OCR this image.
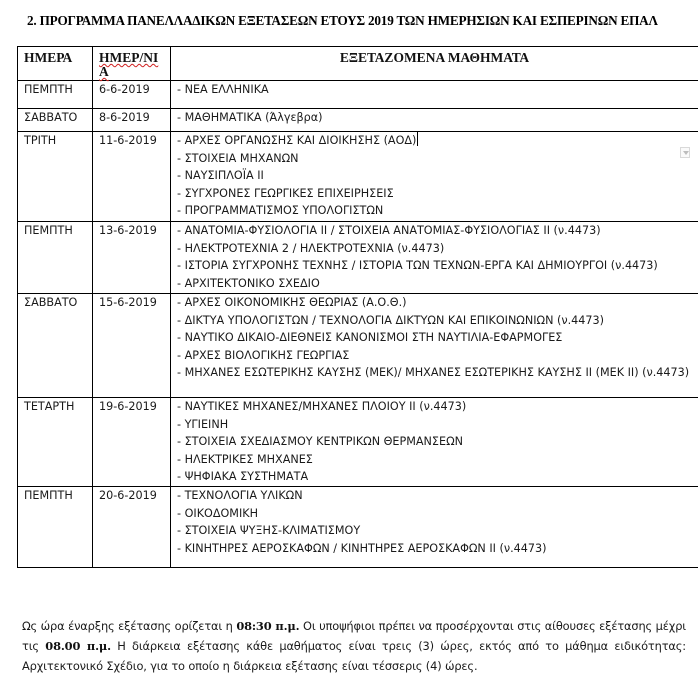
2. ΠΡΟΓΡΑΜΜΑ ΠΑΝΕΛΛΑΔΙΚΩΝ ΕΞΕΤΑΣΕΩΝ ΕΤΟΥΣ 2019 ΤΩΝ ΗΜΕΡΗΣΙΩΝ ΚΑΙ ΕΣΠΕΡΙΝΩΝ ΕΠΑΛ
ΗΜΕΡΑ	ΗΜΕΡ/ΝΙΑ	ΕΞΕΤΑΖΟΜΕΝΑ ΜΑΘΗΜΑΤΑ
ΠΕΜΠΤΗ	6-6-2019	- ΝΕΑ ΕΛΛΗΝΙΚΑ

ΣΑΒΒΑΤΟ	8-6-2019	- ΜΑΘΗΜΑΤΙΚΑ (Άλγεβρα)

ΤΡΙΤΗ	11-6-2019	- ΑΡΧΕΣ ΟΡΓΑΝΩΣΗΣ ΚΑΙ ΔΙΟΙΚΗΣΗΣ (ΑΟΔ)
- ΣΤΟΙΧΕΙΑ ΜΗΧΑΝΩΝ
- ΝΑΥΣΙΠΛΟΪΑ ΙΙ
- ΣΥΓΧΡΟΝΕΣ ΓΕΩΡΓΙΚΕΣ ΕΠΙΧΕΙΡΗΣΕΙΣ
- ΠΡΟΓΡΑΜΜΑΤΙΣΜΟΣ ΥΠΟΛΟΓΙΣΤΩΝ

ΠΕΜΠΤΗ	13-6-2019	- ΑΝΑΤΟΜΙΑ-ΦΥΣΙΟΛΟΓΙΑ ΙΙ / ΣΤΟΙΧΕΙΑ ΑΝΑΤΟΜΙΑΣ-ΦΥΣΙΟΛΟΓΙΑΣ ΙΙ (ν.4473)
- ΗΛΕΚΤΡΟΤΕΧΝΙΑ 2 / ΗΛΕΚΤΡΟΤΕΧΝΙΑ (ν.4473)
- ΙΣΤΟΡΙΑ ΣΥΓΧΡΟΝΗΣ ΤΕΧΝΗΣ / ΙΣΤΟΡΙΑ ΤΩΝ ΤΕΧΝΩΝ-ΕΡΓΑ ΚΑΙ ΔΗΜΙΟΥΡΓΟΙ (ν.4473)
- ΑΡΧΙΤΕΚΤΟΝΙΚΟ ΣΧΕΔΙΟ

ΣΑΒΒΑΤΟ	15-6-2019	- ΑΡΧΕΣ ΟΙΚΟΝΟΜΙΚΗΣ ΘΕΩΡΙΑΣ (Α.Ο.Θ.)
- ΔΙΚΤΥΑ ΥΠΟΛΟΓΙΣΤΩΝ / ΤΕΧΝΟΛΟΓΙΑ ΔΙΚΤΥΩΝ ΚΑΙ ΕΠΙΚΟΙΝΩΝΙΩΝ (ν.4473)
- ΝΑΥΤΙΚΟ ΔΙΚΑΙΟ-ΔΙΕΘΝΕΙΣ ΚΑΝΟΝΙΣΜΟΙ ΣΤΗ ΝΑΥΤΙΛΙΑ-ΕΦΑΡΜΟΓΕΣ
- ΑΡΧΕΣ ΒΙΟΛΟΓΙΚΗΣ ΓΕΩΡΓΙΑΣ
- ΜΗΧΑΝΕΣ ΕΣΩΤΕΡΙΚΗΣ ΚΑΥΣΗΣ (ΜΕΚ)/ ΜΗΧΑΝΕΣ ΕΣΩΤΕΡΙΚΗΣ ΚΑΥΣΗΣ ΙΙ (ΜΕΚ ΙΙ) (ν.4473)

ΤΕΤΑΡΤΗ	19-6-2019	- ΝΑΥΤΙΚΕΣ ΜΗΧΑΝΕΣ/ΜΗΧΑΝΕΣ ΠΛΟΙΟΥ ΙΙ (ν.4473)
- ΥΓΙΕΙΝΗ
- ΣΤΟΙΧΕΙΑ ΣΧΕΔΙΑΣΜΟΥ ΚΕΝΤΡΙΚΩΝ ΘΕΡΜΑΝΣΕΩΝ
- ΗΛΕΚΤΡΙΚΕΣ ΜΗΧΑΝΕΣ
- ΨΗΦΙΑΚΑ ΣΥΣΤΗΜΑΤΑ

ΠΕΜΠΤΗ	20-6-2019	- ΤΕΧΝΟΛΟΓΙΑ ΥΛΙΚΩΝ
- ΟΙΚΟΔΟΜΙΚΗ
- ΣΤΟΙΧΕΙΑ ΨΥΞΗΣ-ΚΛΙΜΑΤΙΣΜΟΥ
- ΚΙΝΗΤΗΡΕΣ ΑΕΡΟΣΚΑΦΩΝ / ΚΙΝΗΤΗΡΕΣ ΑΕΡΟΣΚΑΦΩΝ ΙΙ (ν.4473)

Ως ώρα έναρξης εξέτασης ορίζεται η 08:30 π.μ. Οι υποψήφιοι πρέπει να προσέρχονται στις αίθουσες εξέτασης μέχρι τις 08.00 π.μ. Η διάρκεια εξέτασης κάθε μαθήματος είναι τρεις (3) ώρες, εκτός από το μάθημα ειδικότητας: Αρχιτεκτονικό Σχέδιο, για το οποίο η διάρκεια εξέτασης είναι τέσσερις (4) ώρες.
